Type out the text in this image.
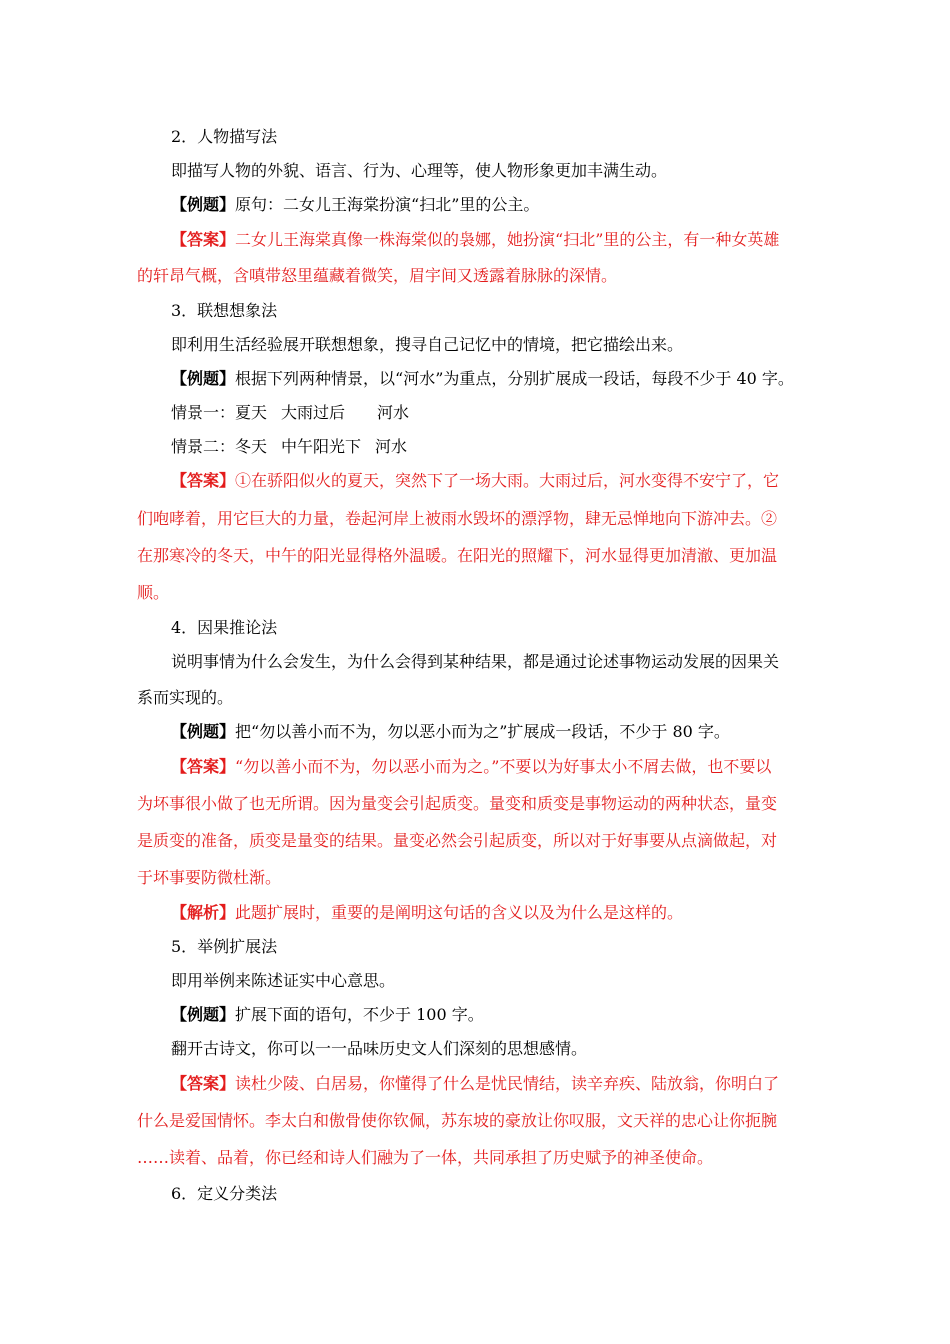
2．人物描写法
即描写人物的外貌、语言、行为、心理等，使人物形象更加丰满生动。
【例题】原句：二女儿王海棠扮演“扫北”里的公主。
【答案】二女儿王海棠真像一株海棠似的袅娜，她扮演“扫北”里的公主，有一种女英雄
的轩昂气概，含嗔带怒里蕴藏着微笑，眉宇间又透露着脉脉的深情。
3．联想想象法
即利用生活经验展开联想想象，搜寻自己记忆中的情境，把它描绘出来。
【例题】根据下列两种情景，以“河水”为重点，分别扩展成一段话，每段不少于 40 字。
情景一：夏天 大雨过后 河水
情景二：冬天 中午阳光下 河水
【答案】①在骄阳似火的夏天，突然下了一场大雨。大雨过后，河水变得不安宁了，它
们咆哮着，用它巨大的力量，卷起河岸上被雨水毁坏的漂浮物，肆无忌惮地向下游冲去。②
在那寒冷的冬天，中午的阳光显得格外温暖。在阳光的照耀下，河水显得更加清澈、更加温
顺。
4．因果推论法
说明事情为什么会发生，为什么会得到某种结果，都是通过论述事物运动发展的因果关
系而实现的。
【例题】把“勿以善小而不为，勿以恶小而为之”扩展成一段话，不少于 80 字。
【答案】“勿以善小而不为，勿以恶小而为之。”不要以为好事太小不屑去做，也不要以
为坏事很小做了也无所谓。因为量变会引起质变。量变和质变是事物运动的两种状态，量变
是质变的准备，质变是量变的结果。量变必然会引起质变，所以对于好事要从点滴做起，对
于坏事要防微杜渐。
【解析】此题扩展时，重要的是阐明这句话的含义以及为什么是这样的。
5．举例扩展法
即用举例来陈述证实中心意思。
【例题】扩展下面的语句，不少于 100 字。
翻开古诗文，你可以一一品味历史文人们深刻的思想感情。
【答案】读杜少陵、白居易，你懂得了什么是忧民情结，读辛弃疾、陆放翁，你明白了
什么是爱国情怀。李太白和傲骨使你钦佩，苏东坡的豪放让你叹服，文天祥的忠心让你扼腕
……读着、品着，你已经和诗人们融为了一体，共同承担了历史赋予的神圣使命。
6．定义分类法
